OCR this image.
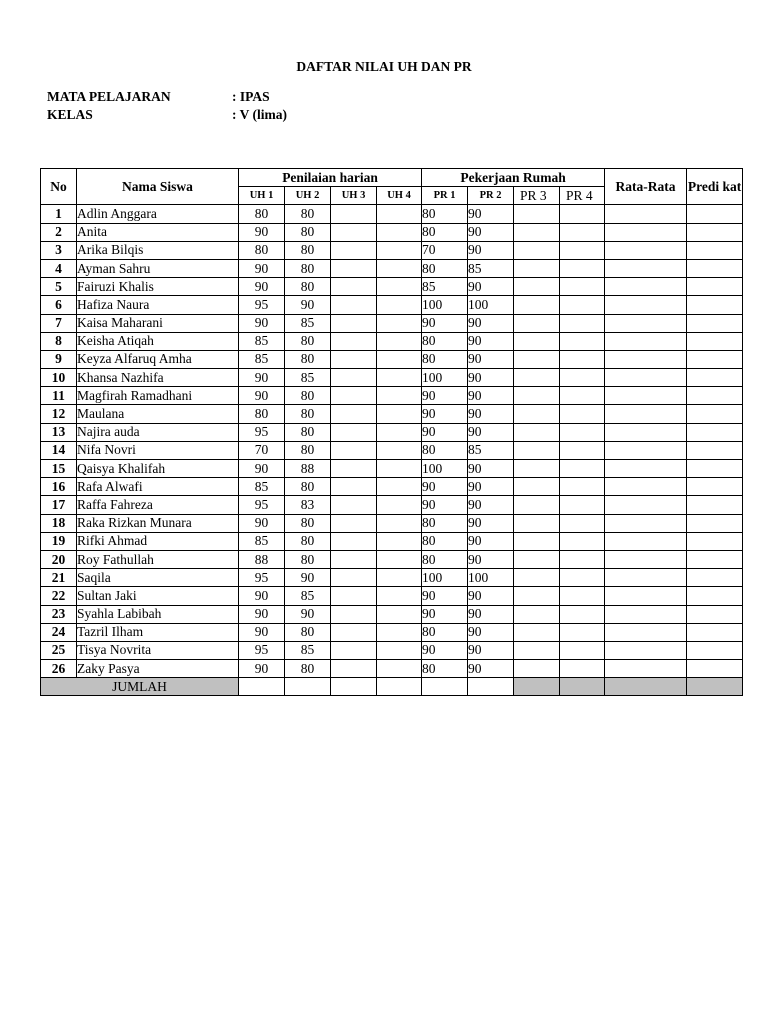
DAFTAR NILAI UH DAN PR
MATA PELAJARAN	: IPAS
KELAS	: V (lima)
No	Nama Siswa	Penilaian harian				Pekerjaan Rumah				Rata-Rata	Predi kat
		UH 1	UH 2	UH 3	UH 4	PR 1	PR 2	PR 3	PR 4		
1	Adlin Anggara	80	80			80	90				
2	Anita	90	80			80	90				
3	Arika Bilqis	80	80			70	90				
4	Ayman Sahru	90	80			80	85				
5	Fairuzi Khalis	90	80			85	90				
6	Hafiza Naura	95	90			100	100				
7	Kaisa Maharani	90	85			90	90				
8	Keisha Atiqah	85	80			80	90				
9	Keyza Alfaruq Amha	85	80			80	90				
10	Khansa Nazhifa	90	85			100	90				
11	Magfirah Ramadhani	90	80			90	90				
12	Maulana	80	80			90	90				
13	Najira auda	95	80			90	90				
14	Nifa Novri	70	80			80	85				
15	Qaisya Khalifah	90	88			100	90				
16	Rafa Alwafi	85	80			90	90				
17	Raffa Fahreza	95	83			90	90				
18	Raka Rizkan Munara	90	80			80	90				
19	Rifki Ahmad	85	80			80	90				
20	Roy Fathullah	88	80			80	90				
21	Saqila	95	90			100	100				
22	Sultan Jaki	90	85			90	90				
23	Syahla Labibah	90	90			90	90				
24	Tazril Ilham	90	80			80	90				
25	Tisya Novrita	95	85			90	90				
26	Zaky Pasya	90	80			80	90				
JUMLAH											
